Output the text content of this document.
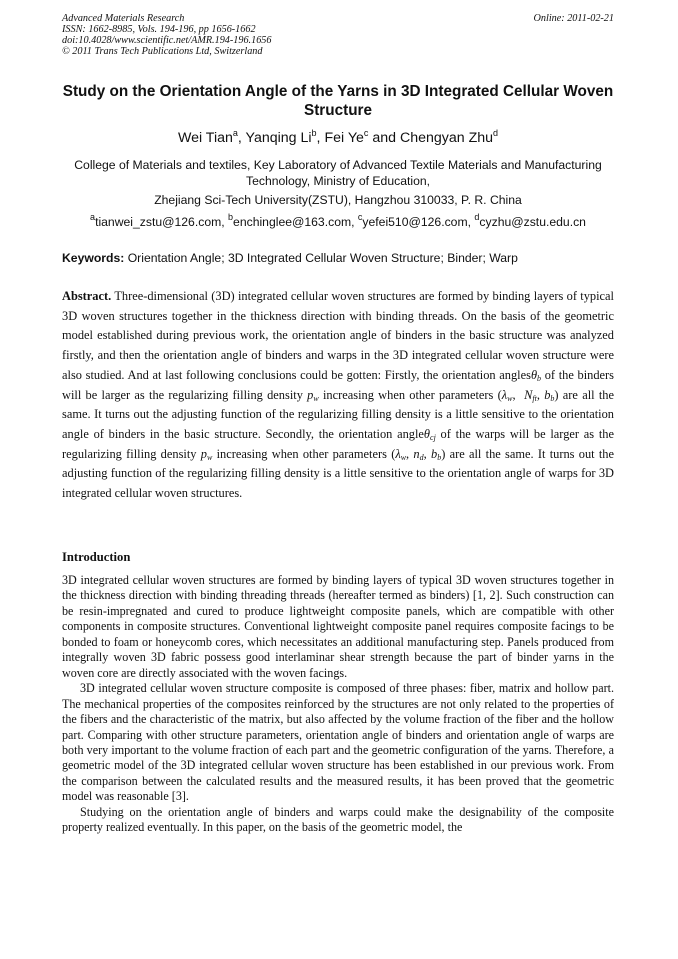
Advanced Materials Research	Online: 2011-02-21
ISSN: 1662-8985, Vols. 194-196, pp 1656-1662
doi:10.4028/www.scientific.net/AMR.194-196.1656
© 2011 Trans Tech Publications Ltd, Switzerland
Study on the Orientation Angle of the Yarns in 3D Integrated Cellular Woven Structure
Wei Tian$^a$, Yanqing Li$^b$, Fei Ye$^c$ and Chengyan Zhu$^d$
College of Materials and textiles, Key Laboratory of Advanced Textile Materials and Manufacturing Technology, Ministry of Education,
Zhejiang Sci-Tech University(ZSTU), Hangzhou 310033, P. R. China
$^a$tianwei_zstu@126.com, $^b$enchinglee@163.com, $^c$yefei510@126.com, $^d$cyzhu@zstu.edu.cn
Keywords: Orientation Angle; 3D Integrated Cellular Woven Structure; Binder; Warp
Abstract. Three-dimensional (3D) integrated cellular woven structures are formed by binding layers of typical 3D woven structures together in the thickness direction with binding threads. On the basis of the geometric model established during previous work, the orientation angle of binders in the basic structure was analyzed firstly, and then the orientation angle of binders and warps in the 3D integrated cellular woven structure were also studied. And at last following conclusions could be gotten: Firstly, the orientation anglesθ$_b$ of the binders will be larger as the regularizing filling density $p_w$ increasing when other parameters ($\lambda_w$,  $N_{ft}$, $b_b$) are all the same. It turns out the adjusting function of the regularizing filling density is a little sensitive to the orientation angle of binders in the basic structure. Secondly, the orientation angleθ$_{cj}$ of the warps will be larger as the regularizing filling density $p_w$ increasing when other parameters ($\lambda_w$, $n_d$, $b_b$) are all the same. It turns out the adjusting function of the regularizing filling density is a little sensitive to the orientation angle of warps for 3D integrated cellular woven structures.
Introduction

3D integrated cellular woven structures are formed by binding layers of typical 3D woven structures together in the thickness direction with binding threading threads (hereafter termed as binders) [1, 2]. Such construction can be resin-impregnated and cured to produce lightweight composite panels, which are compatible with other components in composite structures. Conventional lightweight composite panel requires composite facings to be bonded to foam or honeycomb cores, which necessitates an additional manufacturing step. Panels produced from integrally woven 3D fabric possess good interlaminar shear strength because the part of binder yarns in the woven core are directly associated with the woven facings.

3D integrated cellular woven structure composite is composed of three phases: fiber, matrix and hollow part. The mechanical properties of the composites reinforced by the structures are not only related to the properties of the fibers and the characteristic of the matrix, but also affected by the volume fraction of the fiber and the hollow part. Comparing with other structure parameters, orientation angle of binders and orientation angle of warps are both very important to the volume fraction of each part and the geometric configuration of the yarns. Therefore, a geometric model of the 3D integrated cellular woven structure has been established in our previous work. From the comparison between the calculated results and the measured results, it has been proved that the geometric model was reasonable [3].

Studying on the orientation angle of binders and warps could make the designability of the composite property realized eventually. In this paper, on the basis of the geometric model, the
